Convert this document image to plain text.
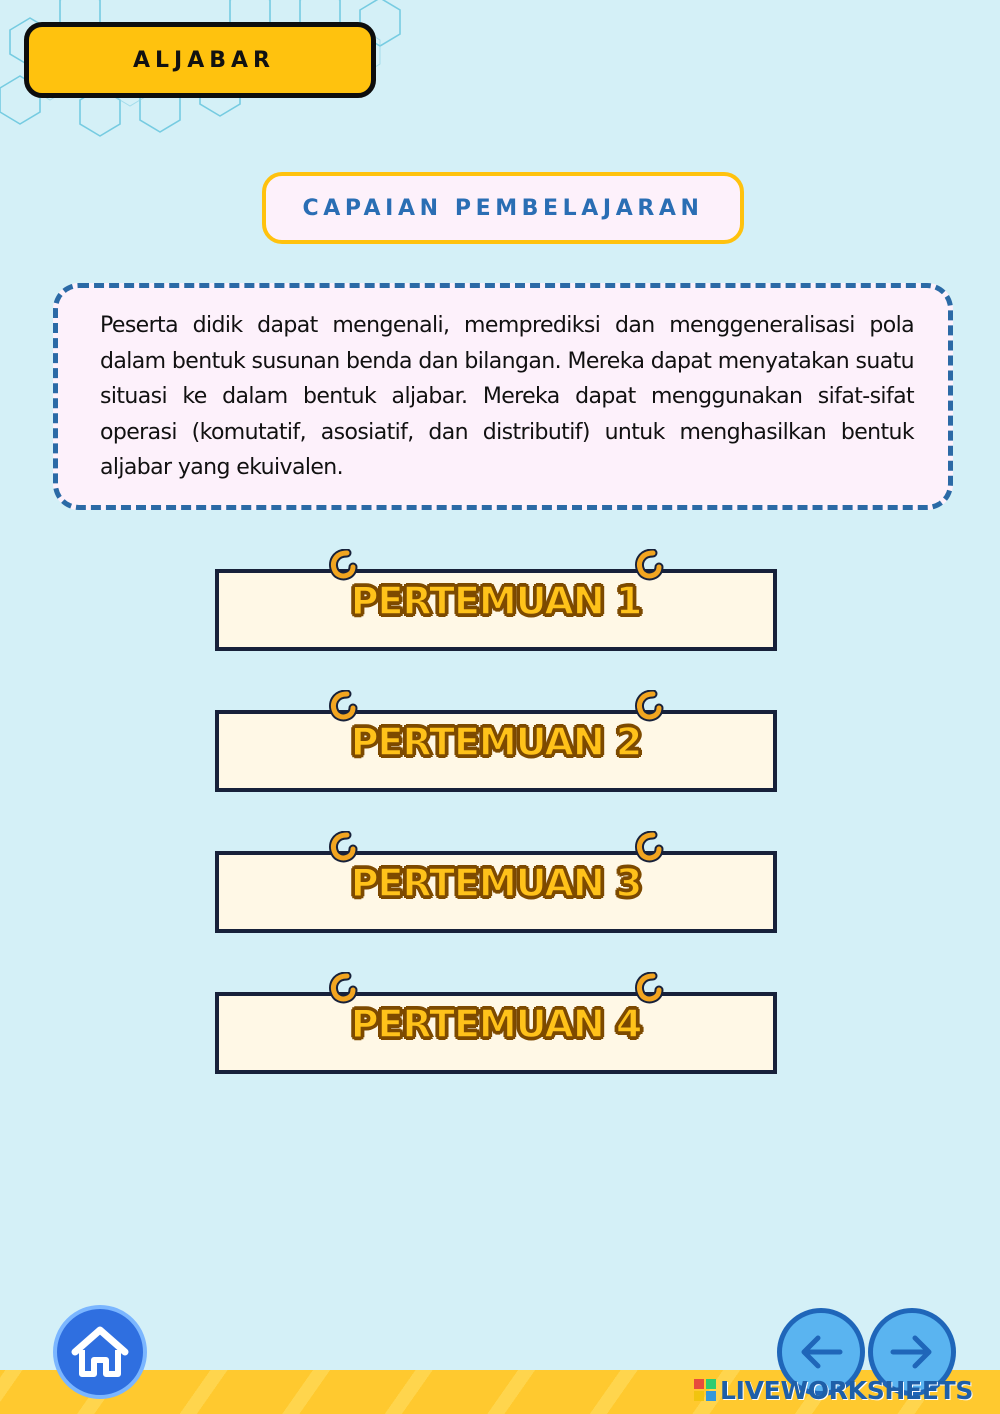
ALJABAR
CAPAIAN PEMBELAJARAN

Peserta didik dapat mengenali, memprediksi dan menggeneralisasi pola dalam bentuk susunan benda dan bilangan. Mereka dapat menyatakan suatu situasi ke dalam bentuk aljabar. Mereka dapat menggunakan sifat-sifat operasi (komutatif, asosiatif, dan distributif) untuk menghasilkan bentuk aljabar yang ekuivalen.

PERTEMUAN 1
PERTEMUAN 2
PERTEMUAN 3
PERTEMUAN 4
LIVEWORKSHEETS
